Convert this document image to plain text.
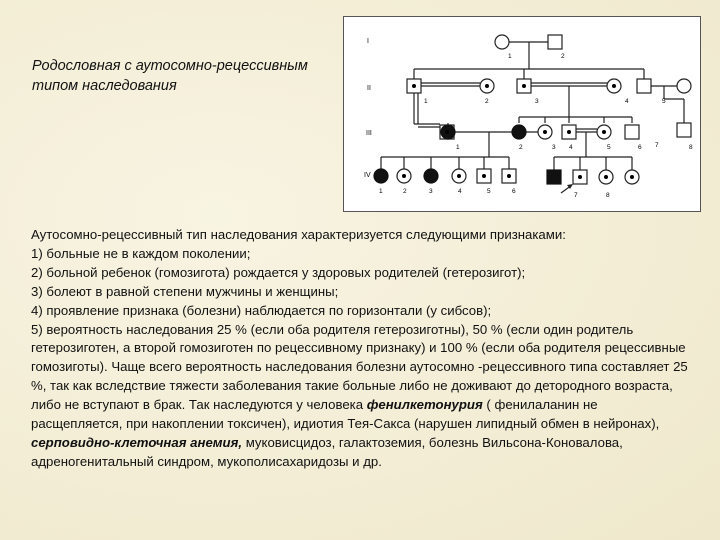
Родословная с аутосомно-рецессивным типом наследования
I
II
III
IV
1	2
1	2	3	4	5
1	2	3 4	5	6 7	8
1	2	3	4	5	6
7	8

Аутосомно-рецессивный тип наследования характеризуется следующими признаками:

1) больные не в каждом поколении;

2) больной ребенок (гомозигота) рождается у здоровых родителей (гетерозигот);

3) болеют в равной степени мужчины и женщины;

4) проявление признака (болезни) наблюдается по горизонтали (у сибсов);

5) вероятность наследования 25 % (если оба родителя гетерозиготны), 50 % (если один родитель гетерозиготен, а второй гомозиготен по рецессивному признаку) и 100 % (если оба родителя рецессивные гомозиготы). Чаще всего вероятность наследования болезни аутосомно -рецессивного типа составляет 25 %, так как вследствие тяжести заболевания такие больные либо не доживают до детородного возраста, либо не вступают в брак. Так наследуются у человека фенилкетонурия ( фенилаланин не расщепляется, при накоплении токсичен), идиотия Тея-Сакса (нарушен липидный обмен в нейронах), серповидно-клеточная анемия, муковисцидоз, галактоземия, болезнь Вильсона-Коновалова, адреногенитальный синдром, мукополисахаридозы и др.
